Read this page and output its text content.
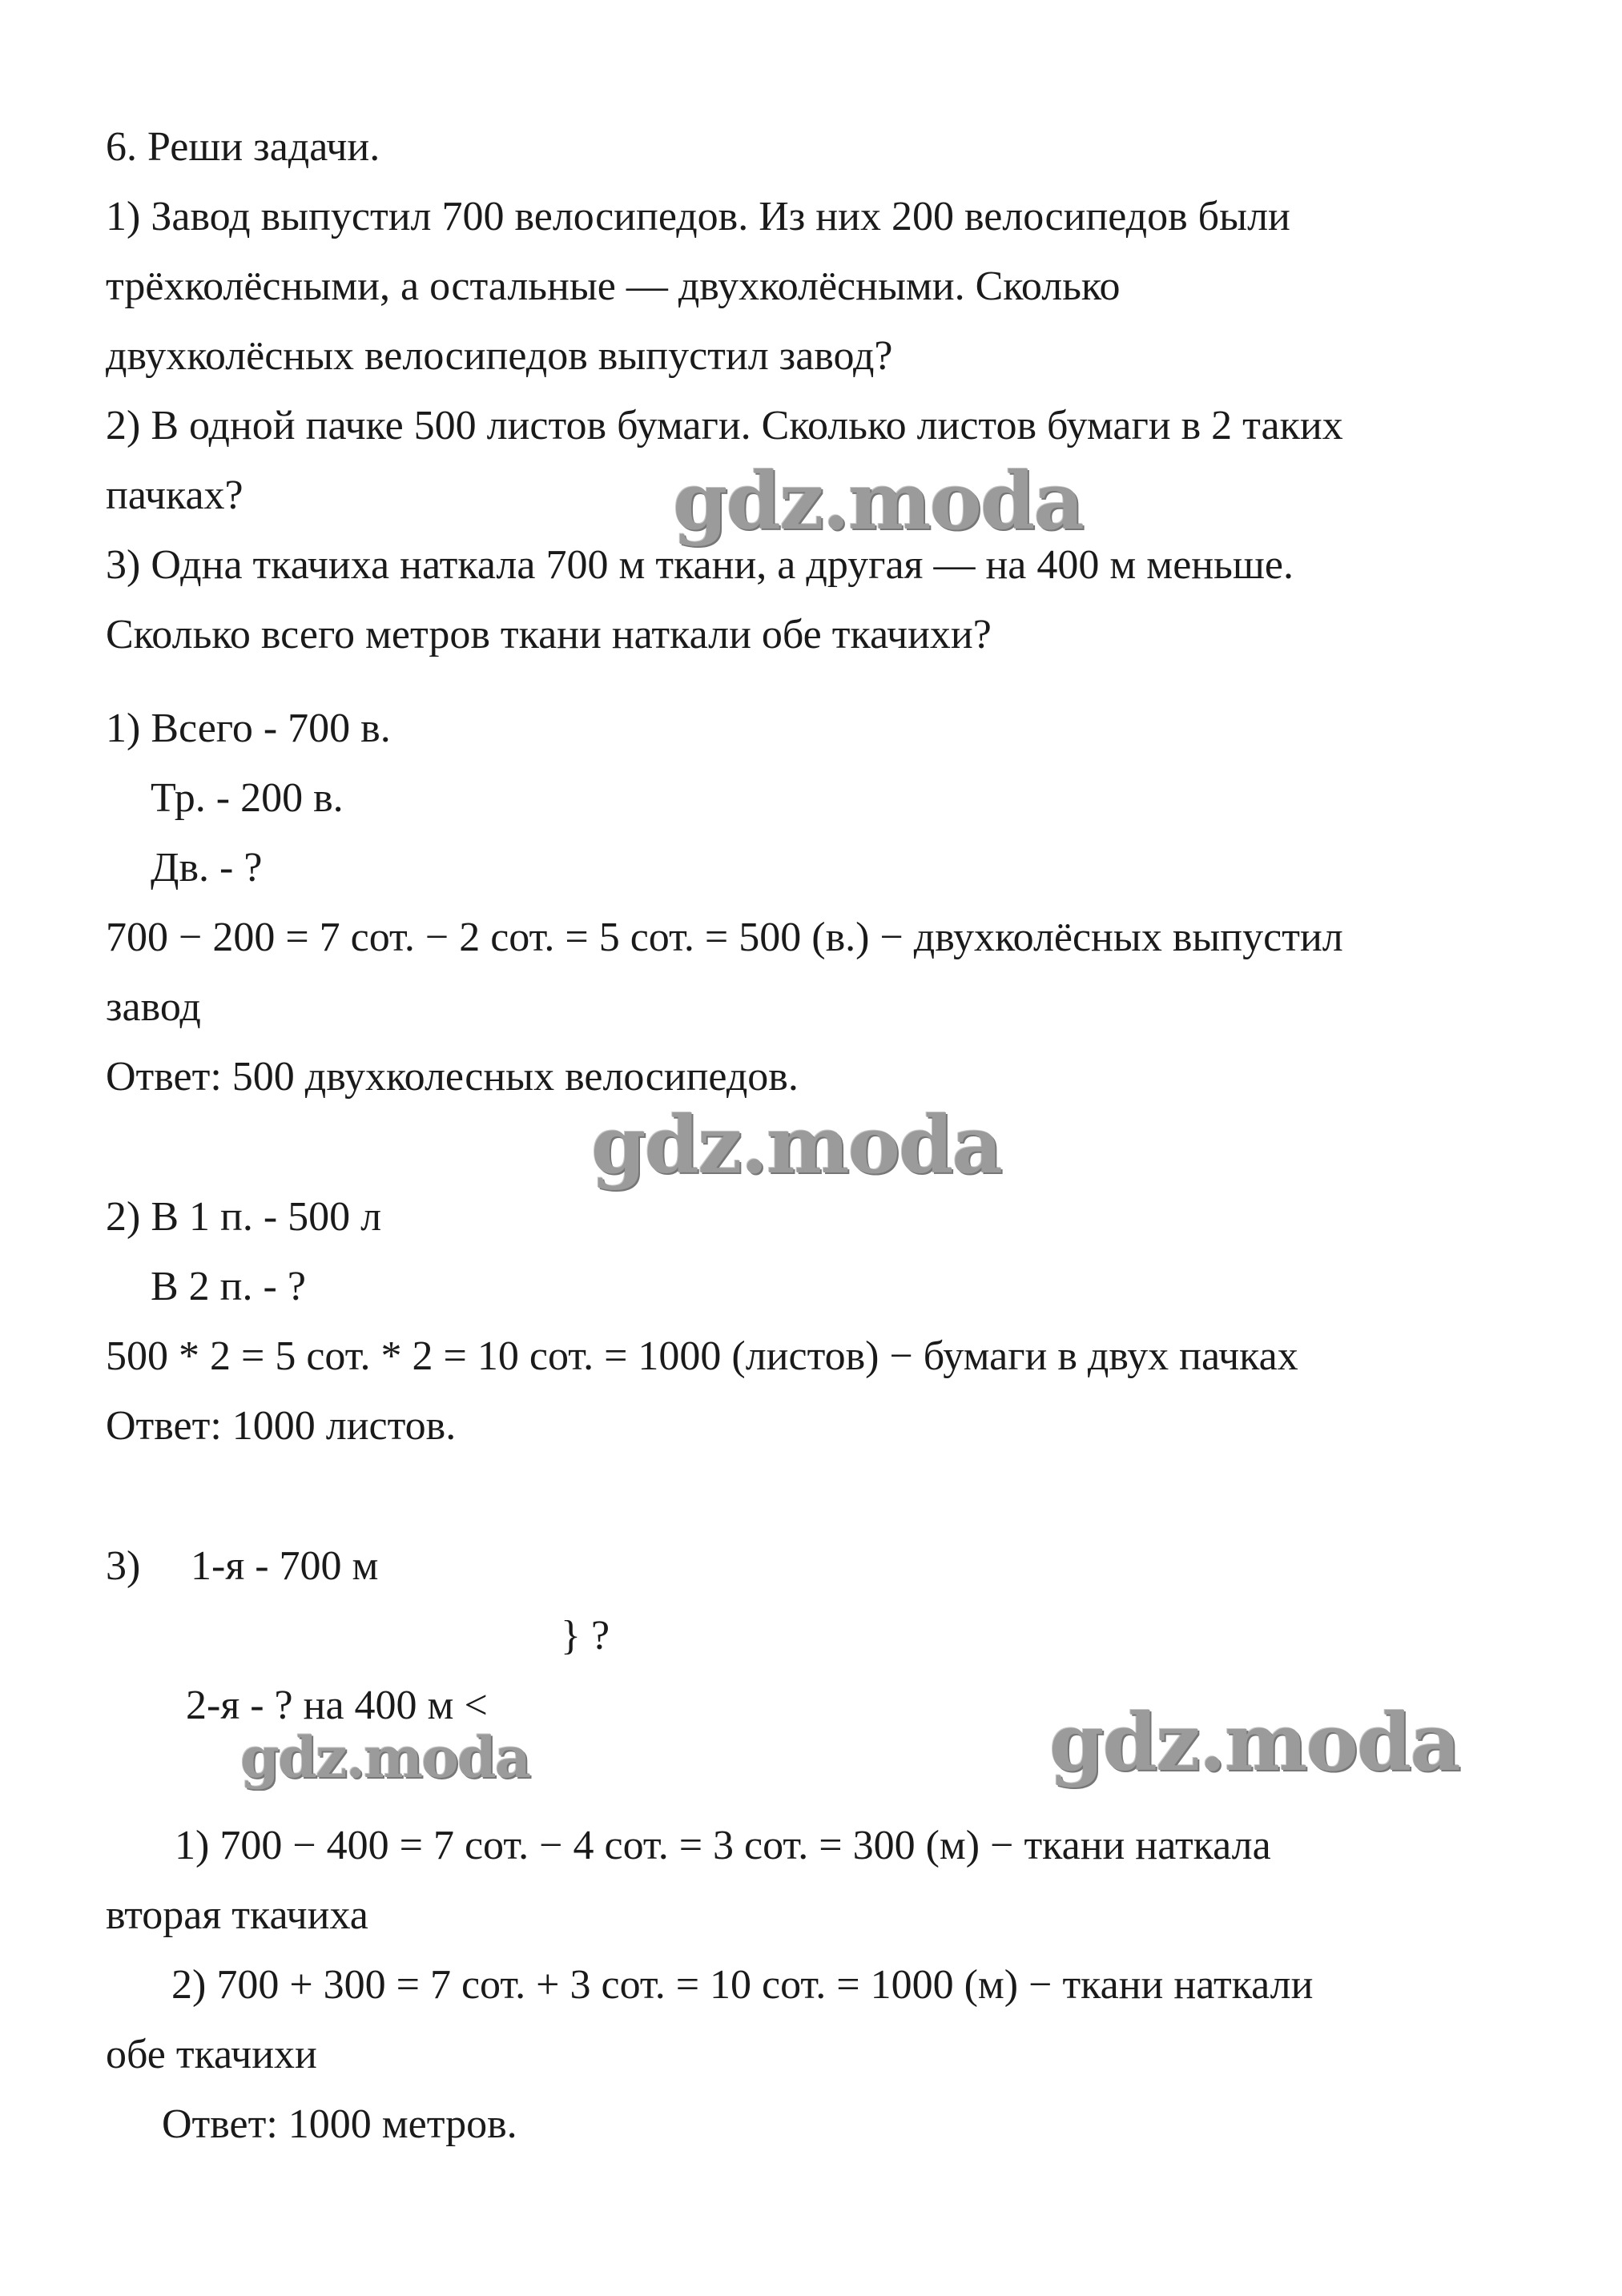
6. Реши задачи.
1) Завод выпустил 700 велосипедов. Из них 200 велосипедов были
трёхколёсными, а остальные — двухколёсными. Сколько
двухколёсных велосипедов выпустил завод?
2) В одной пачке 500 листов бумаги. Сколько листов бумаги в 2 таких
пачках?
3) Одна ткачиха наткала 700 м ткани, а другая — на 400 м меньше.
Сколько всего метров ткани наткали обе ткачихи?
1) Всего - 700 в.
Тр. - 200 в.
Дв. - ?
700 − 200 = 7 сот. − 2 сот. = 5 сот. = 500 (в.) − двухколёсных выпустил
завод
Ответ: 500 двухколесных велосипедов.
2) В 1 п. - 500 л
В 2 п. - ?
500 * 2 = 5 сот. * 2 = 10 сот. = 1000 (листов) − бумаги в двух пачках
Ответ: 1000 листов.
3) 1-я - 700 м
} ?
2-я - ? на 400 м <
1) 700 − 400 = 7 сот. − 4 сот. = 3 сот. = 300 (м) − ткани наткала
вторая ткачиха
2) 700 + 300 = 7 сот. + 3 сот. = 10 сот. = 1000 (м) − ткани наткали
обе ткачихи
Ответ: 1000 метров.
gdz.moda
gdz.moda
gdz.moda	gdz.moda
